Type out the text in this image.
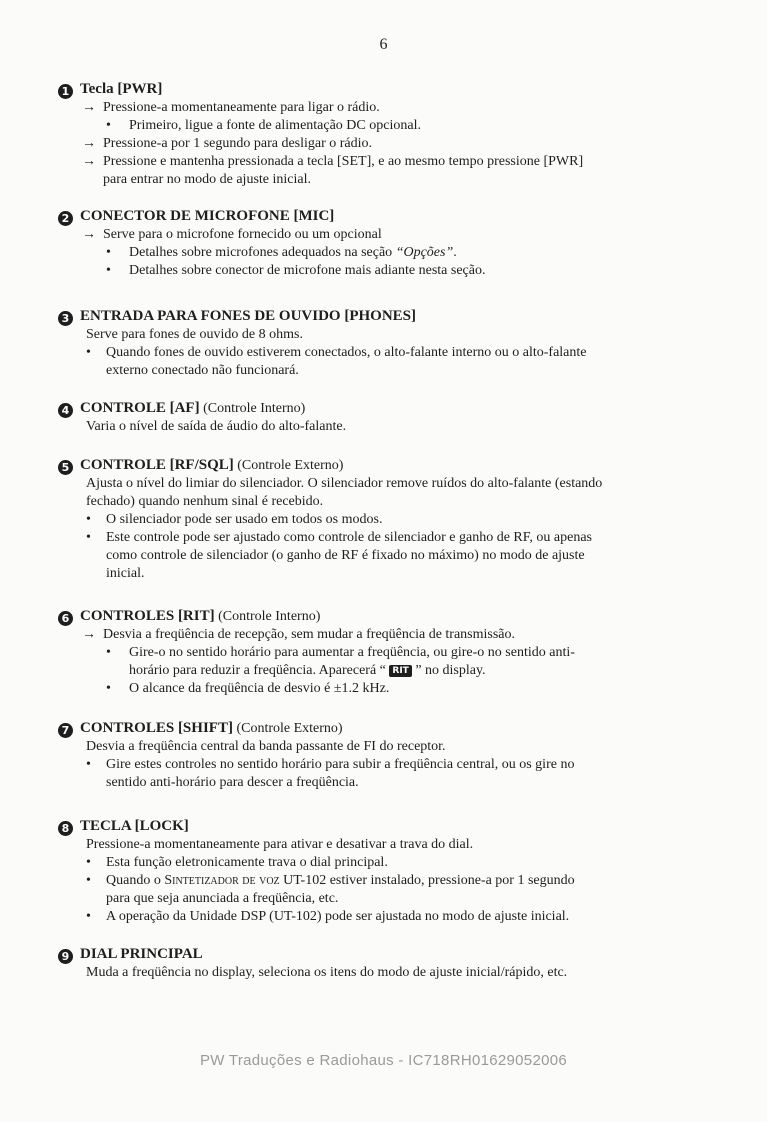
6

1 Tecla [PWR]

→ Pressione-a momentaneamente para ligar o rádio.

•	Primeiro, ligue a fonte de alimentação DC opcional.

→ Pressione-a por 1 segundo para desligar o rádio.

→ Pressione e mantenha pressionada a tecla [SET], e ao mesmo tempo pressione [PWR]

para entrar no modo de ajuste inicial.

2 CONECTOR DE MICROFONE [MIC]

→ Serve para o microfone fornecido ou um opcional

•	Detalhes sobre microfones adequados na seção “Opções”.

•	Detalhes sobre conector de microfone mais adiante nesta seção.

3 ENTRADA PARA FONES DE OUVIDO [PHONES]

Serve para fones de ouvido de 8 ohms.

•	Quando fones de ouvido estiverem conectados, o alto-falante interno ou o alto-falante

externo conectado não funcionará.

4 CONTROLE [AF] (Controle Interno)

Varia o nível de saída de áudio do alto-falante.

5 CONTROLE [RF/SQL] (Controle Externo)

Ajusta o nível do limiar do silenciador. O silenciador remove ruídos do alto-falante (estando

fechado) quando nenhum sinal é recebido.

•	O silenciador pode ser usado em todos os modos.

•	Este controle pode ser ajustado como controle de silenciador e ganho de RF, ou apenas

como controle de silenciador (o ganho de RF é fixado no máximo) no modo de ajuste

inicial.

6 CONTROLES [RIT] (Controle Interno)

→ Desvia a freqüência de recepção, sem mudar a freqüência de transmissão.

•	Gire-o no sentido horário para aumentar a freqüência, ou gire-o no sentido anti-

horário para reduzir a freqüência. Aparecerá “ RIT ” no display.

•	O alcance da freqüência de desvio é ±1.2 kHz.

7 CONTROLES [SHIFT] (Controle Externo)

Desvia a freqüência central da banda passante de FI do receptor.

•	Gire estes controles no sentido horário para subir a freqüência central, ou os gire no

sentido anti-horário para descer a freqüência.

8 TECLA [LOCK]

Pressione-a momentaneamente para ativar e desativar a trava do dial.

•	Esta função eletronicamente trava o dial principal.

•	Quando o Sintetizador de voz UT-102 estiver instalado, pressione-a por 1 segundo

para que seja anunciada a freqüência, etc.

•	A operação da Unidade DSP (UT-102) pode ser ajustada no modo de ajuste inicial.

9 DIAL PRINCIPAL

Muda a freqüência no display, seleciona os itens do modo de ajuste inicial/rápido, etc.

PW Traduções e Radiohaus - IC718RH01629052006
